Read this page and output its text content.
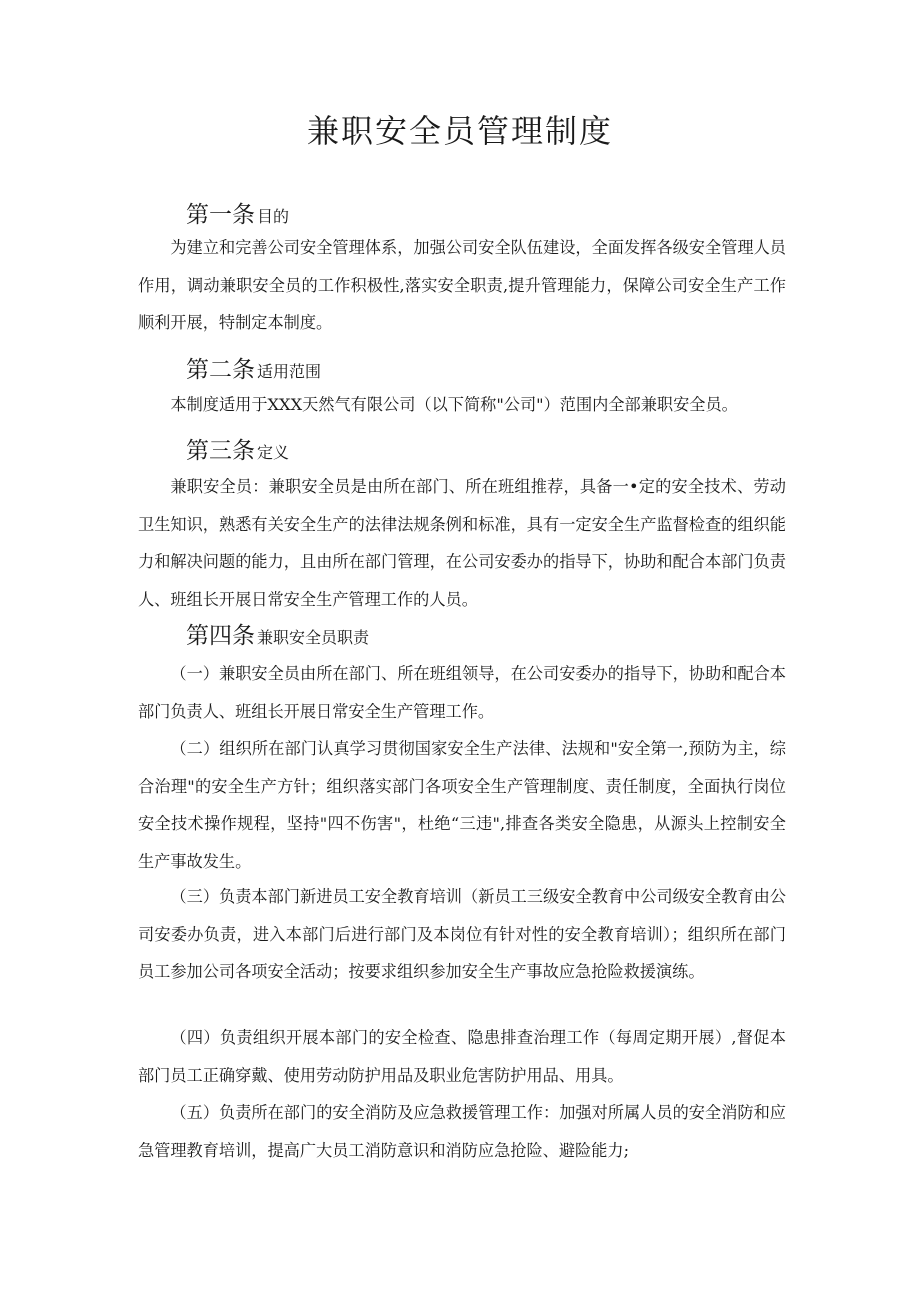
兼职安全员管理制度
第一条 目的

为建立和完善公司安全管理体系，加强公司安全队伍建设，全面发挥各级安全管理人员作用，调动兼职安全员的工作积极性,落实安全职责,提升管理能力，保障公司安全生产工作顺利开展，特制定本制度。

第二条 适用范围

本制度适用于XXX天然气有限公司（以下简称"公司"）范围内全部兼职安全员。

第三条 定义

兼职安全员：兼职安全员是由所在部门、所在班组推荐，具备一•定的安全技术、劳动卫生知识，熟悉有关安全生产的法律法规条例和标准，具有一定安全生产监督检查的组织能力和解决问题的能力，且由所在部门管理，在公司安委办的指导下，协助和配合本部门负责人、班组长开展日常安全生产管理工作的人员。

第四条 兼职安全员职责

（一）兼职安全员由所在部门、所在班组领导，在公司安委办的指导下，协助和配合本部门负责人、班组长开展日常安全生产管理工作。

（二）组织所在部门认真学习贯彻国家安全生产法律、法规和"安全第一,预防为主，综合治理"的安全生产方针；组织落实部门各项安全生产管理制度、责任制度，全面执行岗位安全技术操作规程，坚持"四不伤害"，杜绝“三违",排查各类安全隐患，从源头上控制安全生产事故发生。

（三）负责本部门新进员工安全教育培训（新员工三级安全教育中公司级安全教育由公司安委办负责，进入本部门后进行部门及本岗位有针对性的安全教育培训）；组织所在部门员工参加公司各项安全活动；按要求组织参加安全生产事故应急抢险救援演练。

（四）负责组织开展本部门的安全检查、隐患排查治理工作（每周定期开展）,督促本部门员工正确穿戴、使用劳动防护用品及职业危害防护用品、用具。

（五）负责所在部门的安全消防及应急救援管理工作：加强对所属人员的安全消防和应急管理教育培训，提高广大员工消防意识和消防应急抢险、避险能力;
